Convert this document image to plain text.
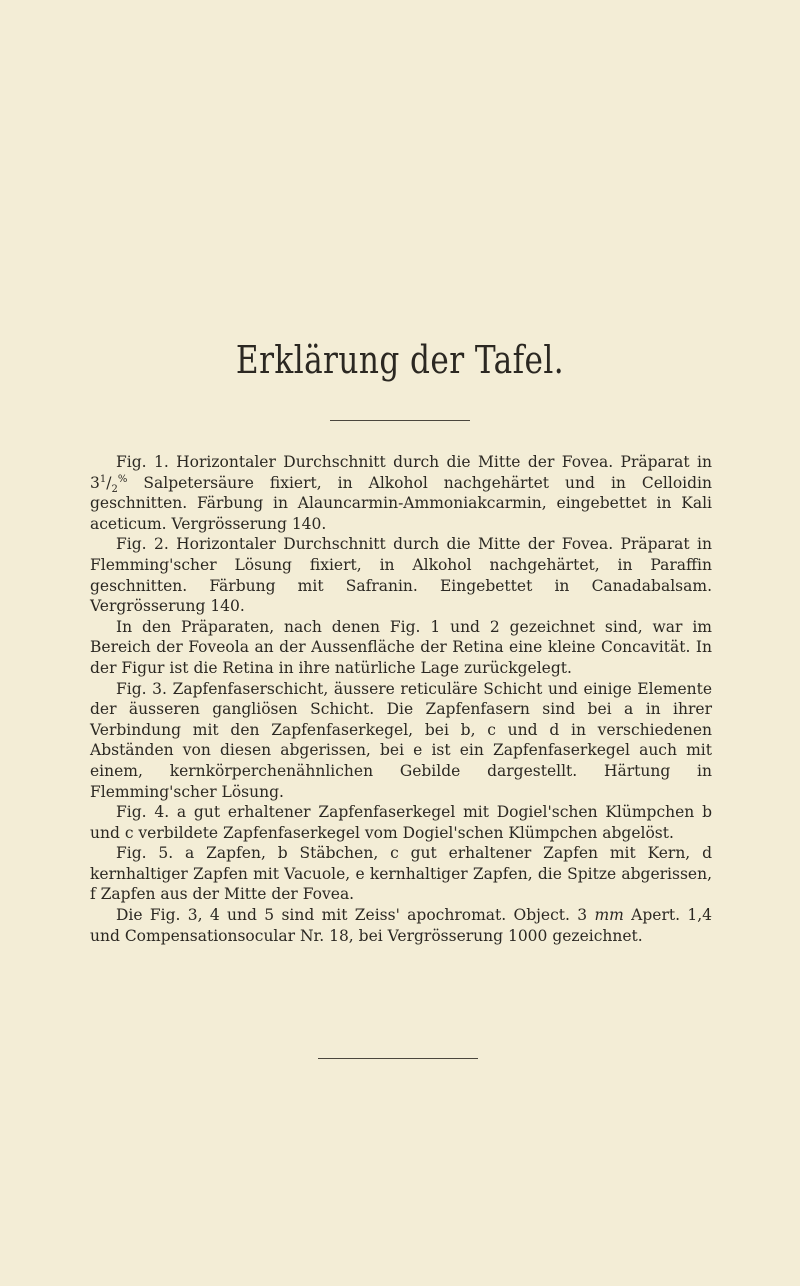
Erklärung der Tafel.

Fig. 1. Horizontaler Durchschnitt durch die Mitte der Fovea. Präparat in $3^1/_2^{\%}$ Salpetersäure fixiert, in Alkohol nachgehärtet und in Celloidin geschnitten. Färbung in Alauncarmin-Ammoniakcarmin, eingebettet in Kali aceticum. Vergrösserung 140.

Fig. 2. Horizontaler Durchschnitt durch die Mitte der Fovea. Präparat in Flemming'scher Lösung fixiert, in Alkohol nachgehärtet, in Paraffin geschnitten. Färbung mit Safranin. Eingebettet in Canadabalsam. Vergrösserung 140.

In den Präparaten, nach denen Fig. 1 und 2 gezeichnet sind, war im Bereich der Foveola an der Aussenfläche der Retina eine kleine Concavität. In der Figur ist die Retina in ihre natürliche Lage zurückgelegt.

Fig. 3. Zapfenfaserschicht, äussere reticuläre Schicht und einige Elemente der äusseren gangliösen Schicht. Die Zapfenfasern sind bei a in ihrer Verbindung mit den Zapfenfaserkegel, bei b, c und d in verschiedenen Abständen von diesen abgerissen, bei e ist ein Zapfenfaserkegel auch mit einem, kernkörperchenähnlichen Gebilde dargestellt. Härtung in Flemming'scher Lösung.

Fig. 4. a gut erhaltener Zapfenfaserkegel mit Dogiel'schen Klümpchen b und c verbildete Zapfenfaserkegel vom Dogiel'schen Klümpchen abgelöst.

Fig. 5. a Zapfen, b Stäbchen, c gut erhaltener Zapfen mit Kern, d kernhaltiger Zapfen mit Vacuole, e kernhaltiger Zapfen, die Spitze abgerissen, f Zapfen aus der Mitte der Fovea.

Die Fig. 3, 4 und 5 sind mit Zeiss' apochromat. Object. 3 mm Apert. 1,4 und Compensationsocular Nr. 18, bei Vergrösserung 1000 gezeichnet.
